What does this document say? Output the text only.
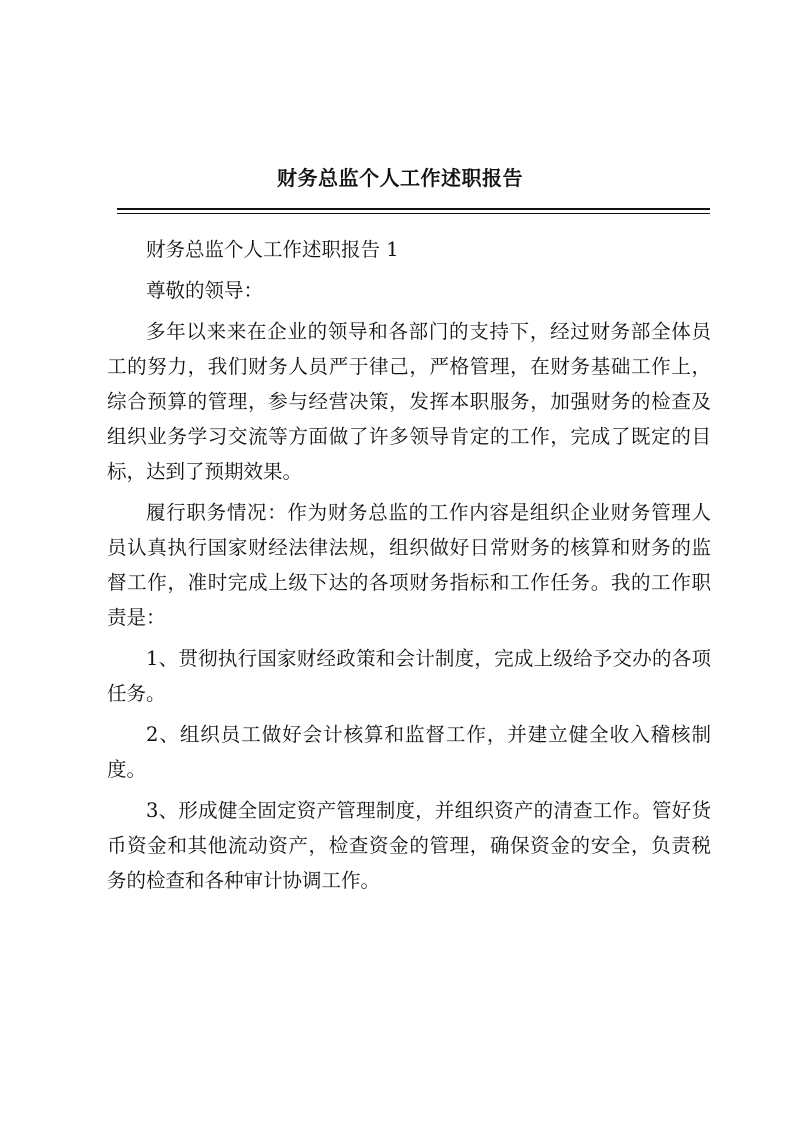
财务总监个人工作述职报告

财务总监个人工作述职报告 1

尊敬的领导：

多年以来来在企业的领导和各部门的支持下，经过财务部全体员工的努力，我们财务人员严于律己，严格管理，在财务基础工作上，综合预算的管理，参与经营决策，发挥本职服务，加强财务的检查及组织业务学习交流等方面做了许多领导肯定的工作，完成了既定的目标，达到了预期效果。

履行职务情况：作为财务总监的工作内容是组织企业财务管理人员认真执行国家财经法律法规，组织做好日常财务的核算和财务的监督工作，准时完成上级下达的各项财务指标和工作任务。我的工作职责是：

1、贯彻执行国家财经政策和会计制度，完成上级给予交办的各项任务。

2、组织员工做好会计核算和监督工作，并建立健全收入稽核制度。

3、形成健全固定资产管理制度，并组织资产的清查工作。管好货币资金和其他流动资产，检查资金的管理，确保资金的安全，负责税务的检查和各种审计协调工作。
